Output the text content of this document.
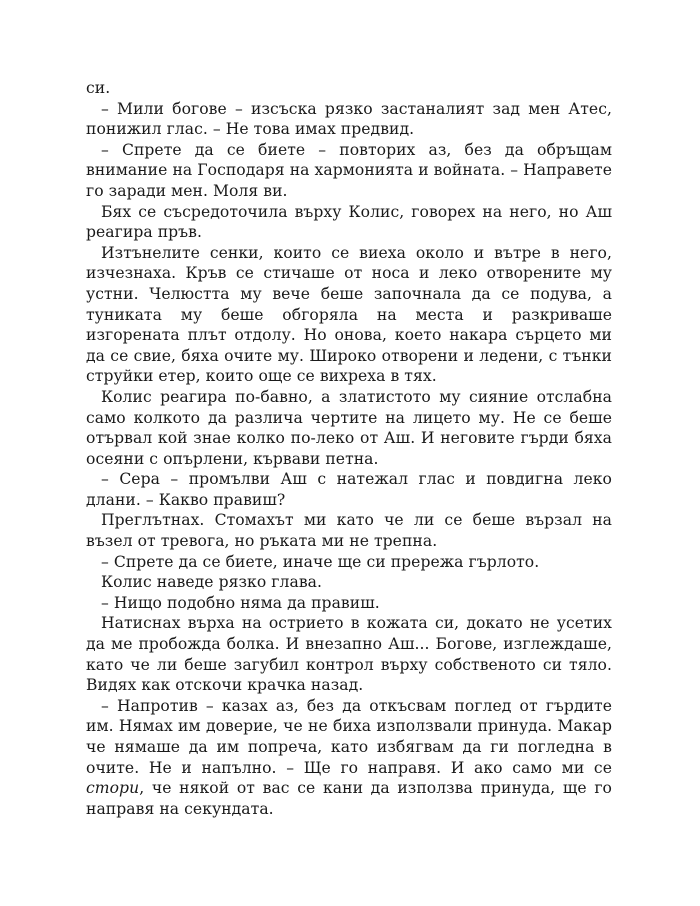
си.

– Мили богове – изсъска рязко застаналият зад мен Атес, понижил глас. – Не това имах предвид.

– Спрете да се биете – повторих аз, без да обръщам внимание на Господаря на хармонията и войната. – Направете го заради мен. Моля ви.

Бях се съсредоточила върху Колис, говорех на него, но Аш реагира пръв.

Изтънелите сенки, които се виеха около и вътре в него, изчезнаха. Кръв се стичаше от носа и леко отворените му устни. Челюстта му вече беше започнала да се подува, а туниката му беше обгоряла на места и разкриваше изгорената плът отдолу. Но онова, което накара сърцето ми да се свие, бяха очите му. Широко отворени и ледени, с тънки струйки етер, които още се вихреха в тях.

Колис реагира по-бавно, а златистото му сияние отслабна само колкото да различа чертите на лицето му. Не се беше отървал кой знае колко по-леко от Аш. И неговите гърди бяха осеяни с опърлени, кървави петна.

– Сера – промълви Аш с натежал глас и повдигна леко длани. – Какво правиш?

Преглътнах. Стомахът ми като че ли се беше вързал на възел от тревога, но ръката ми не трепна.

– Спрете да се биете, иначе ще си прережа гърлото.

Колис наведе рязко глава.

– Нищо подобно няма да правиш.

Натиснах върха на острието в кожата си, докато не усетих да ме пробожда болка. И внезапно Аш... Богове, изглеждаше, като че ли беше загубил контрол върху собственото си тяло. Видях как отскочи крачка назад.

– Напротив – казах аз, без да откъсвам поглед от гърдите им. Нямах им доверие, че не биха използвали принуда. Макар че нямаше да им попреча, като избягвам да ги погледна в очите. Не и напълно. – Ще го направя. И ако само ми се стори, че някой от вас се кани да използва принуда, ще го направя на секундата.
